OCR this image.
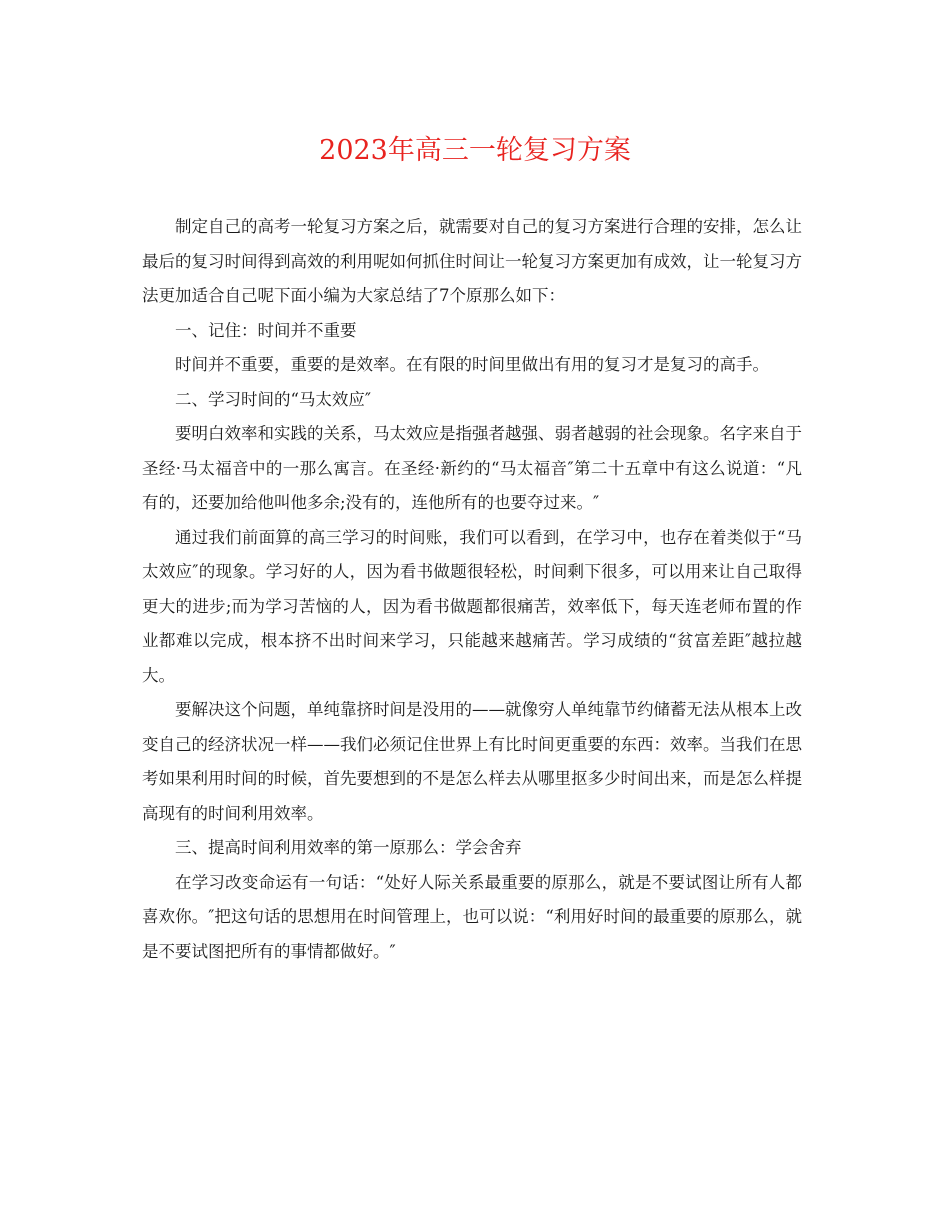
2023年高三一轮复习方案

制定自己的高考一轮复习方案之后，就需要对自己的复习方案进行合理的安排，怎么让最后的复习时间得到高效的利用呢如何抓住时间让一轮复习方案更加有成效，让一轮复习方法更加适合自己呢下面小编为大家总结了7个原那么如下：

一、记住：时间并不重要

时间并不重要，重要的是效率。在有限的时间里做出有用的复习才是复习的高手。

二、学习时间的“马太效应″

要明白效率和实践的关系，马太效应是指强者越强、弱者越弱的社会现象。名字来自于圣经·马太福音中的一那么寓言。在圣经·新约的“马太福音″第二十五章中有这么说道：“凡有的，还要加给他叫他多余;没有的，连他所有的也要夺过来。″

通过我们前面算的高三学习的时间账，我们可以看到，在学习中，也存在着类似于“马太效应″的现象。学习好的人，因为看书做题很轻松，时间剩下很多，可以用来让自己取得更大的进步;而为学习苦恼的人，因为看书做题都很痛苦，效率低下，每天连老师布置的作业都难以完成，根本挤不出时间来学习，只能越来越痛苦。学习成绩的“贫富差距″越拉越大。

要解决这个问题，单纯靠挤时间是没用的——就像穷人单纯靠节约储蓄无法从根本上改变自己的经济状况一样——我们必须记住世界上有比时间更重要的东西：效率。当我们在思考如果利用时间的时候，首先要想到的不是怎么样去从哪里抠多少时间出来，而是怎么样提高现有的时间利用效率。

三、提高时间利用效率的第一原那么：学会舍弃

在学习改变命运有一句话：“处好人际关系最重要的原那么，就是不要试图让所有人都喜欢你。″把这句话的思想用在时间管理上，也可以说：“利用好时间的最重要的原那么，就是不要试图把所有的事情都做好。″
